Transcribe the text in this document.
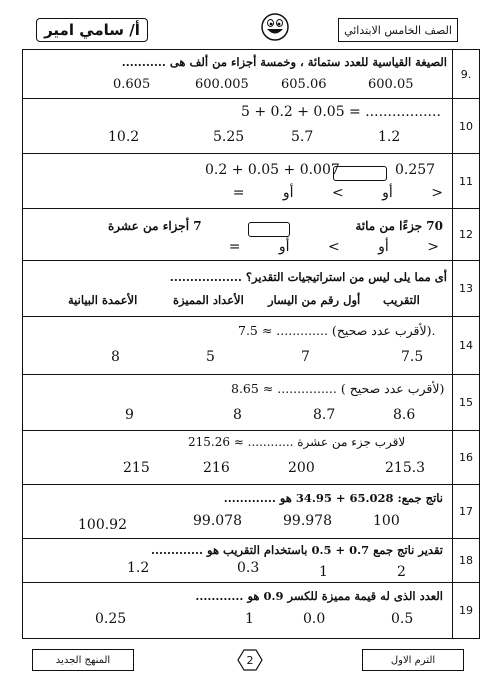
أ/ سامي امير	الصف الخامس الابتدائي
9.
الصيغة القياسية للعدد ستمائة ، وخمسة أجزاء من ألف هى ...........
600.05
605.06
600.005
0.605
10
5 + 0.2 + 0.05 = .................
1.2
5.7
5.25
10.2
11
0.257
0.2 + 0.05 + 0.007
< أو > أو =
12
70 جزءًا من مائة
7 أجزاء من عشرة
< أو > أو =
13
أى مما يلى ليس من استراتيجيات التقدير؟ ..................
التقريب
أول رقم من اليسار
الأعداد المميزة
الأعمدة البيانية
14
7.5 ≈ ............. (لأقرب عدد صحيح).
7.5
7
5
8
15
8.65 ≈ ............... ( لأقرب عدد صحيح)
8.6
8.7
8
9
16
215.26 ≈ ............ لاقرب جزء من عشرة
215.3
200
216
215
17
ناتج جمع: 65.028 + 34.95 هو .............
100
99.978
99.078
100.92
18
تقدير ناتج جمع 0.7 + 0.5 باستخدام التقريب هو .............
2
1
0.3
1.2
19
العدد الذى له قيمة مميزة للكسر 0.9 هو ............
0.5
0.0
1
0.25
المنهج الجديد	2	الترم الاول
